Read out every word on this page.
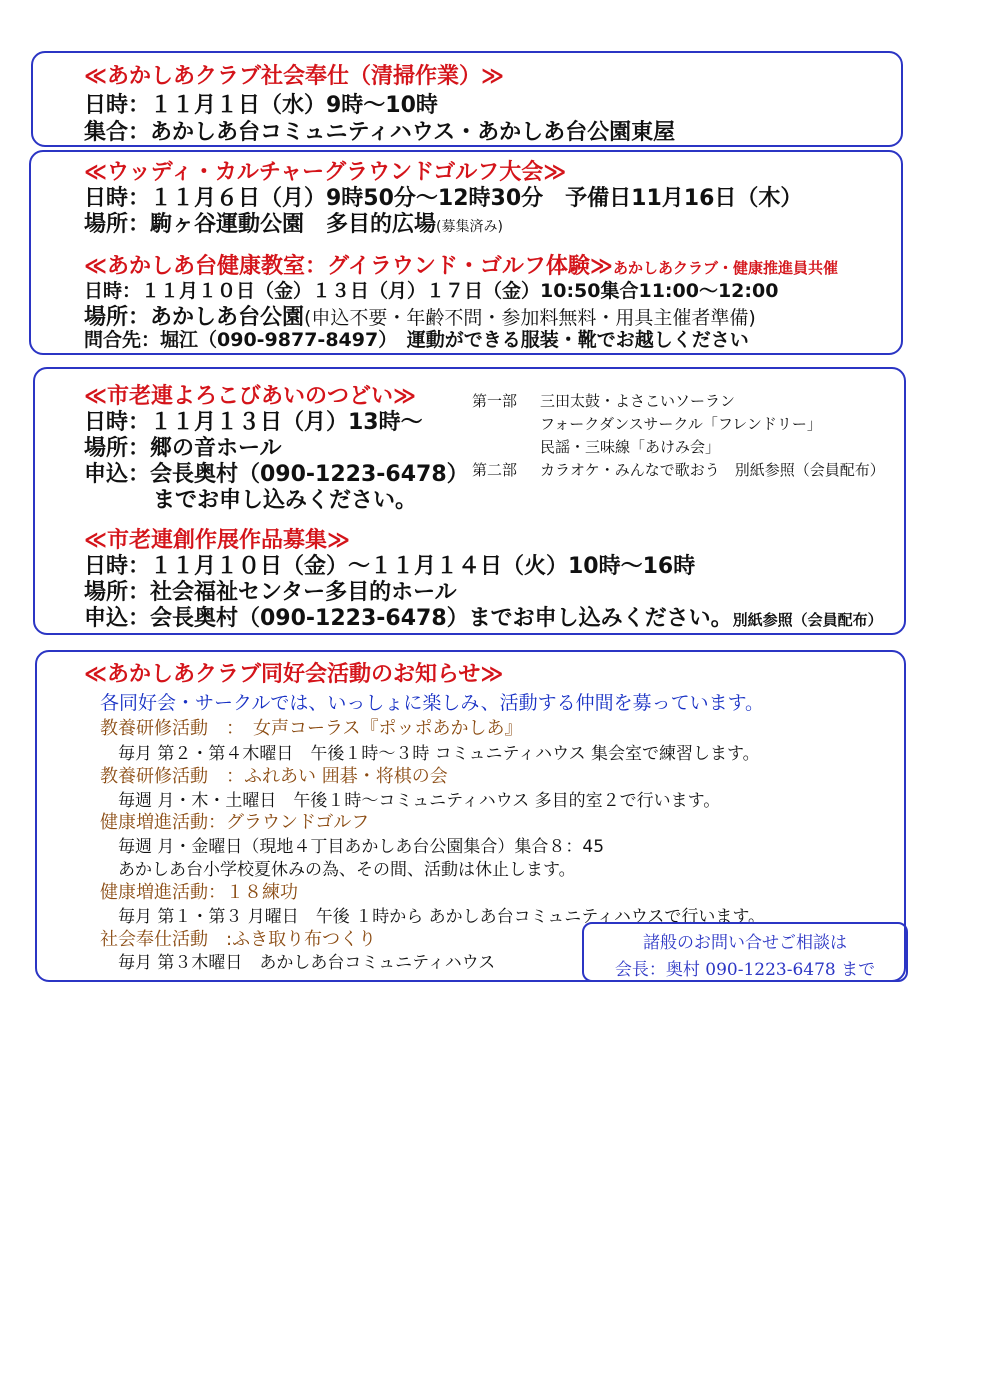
≪あかしあクラブ社会奉仕（清掃作業）≫
日時：１１月１日（水）9時〜10時
集合：あかしあ台コミュニティハウス・あかしあ台公園東屋
≪ウッディ・カルチャーグラウンドゴルフ大会≫
日時：１１月６日（月）9時50分〜12時30分　予備日11月16日（木）
場所：駒ヶ谷運動公園　多目的広場(募集済み)
≪あかしあ台健康教室：グイラウンド・ゴルフ体験≫あかしあクラブ・健康推進員共催
日時：１１月１０日（金）１３日（月）１７日（金）10:50集合11:00〜12:00
場所：あかしあ台公園(申込不要・年齢不問・参加料無料・用具主催者準備)
問合先：堀江（090-9877-8497）　運動ができる服装・靴でお越しください
≪市老連よろこびあいのつどい≫
日時：１１月１３日（月）13時〜
場所：郷の音ホール
申込：会長奥村（090-1223-6478）
までお申し込みください。
第一部 三田太鼓・よさこいソーラン
フォークダンスサークル「フレンドリー」
民謡・三味線「あけみ会」
第二部 カラオケ・みんなで歌おう　別紙参照（会員配布）
≪市老連創作展作品募集≫
日時：１１月１０日（金）〜１１月１４日（火）10時〜16時
場所：社会福祉センター多目的ホール
申込：会長奥村（090-1223-6478）までお申し込みください。別紙参照（会員配布）
≪あかしあクラブ同好会活動のお知らせ≫
各同好会・サークルでは、いっしょに楽しみ、活動する仲間を募っています。
教養研修活動　：　女声コーラス『ポッポあかしあ』
毎月 第２・第４木曜日　午後１時〜３時 コミュニティハウス 集会室で練習します。
教養研修活動　：ふれあい 囲碁・将棋の会
毎週 月・木・土曜日　午後１時〜コミュニティハウス 多目的室２で行います。
健康増進活動：グラウンドゴルフ
毎週 月・金曜日（現地４丁目あかしあ台公園集合）集合８：45
あかしあ台小学校夏休みの為、その間、活動は休止します。
健康増進活動：１８練功
毎月 第１・第３ 月曜日　午後 １時から あかしあ台コミュニティハウスで行います。
社会奉仕活動　:ふき取り布つくり
毎月 第３木曜日　あかしあ台コミュニティハウス
諸般のお問い合せご相談は
会長：奥村 090-1223-6478 まで
